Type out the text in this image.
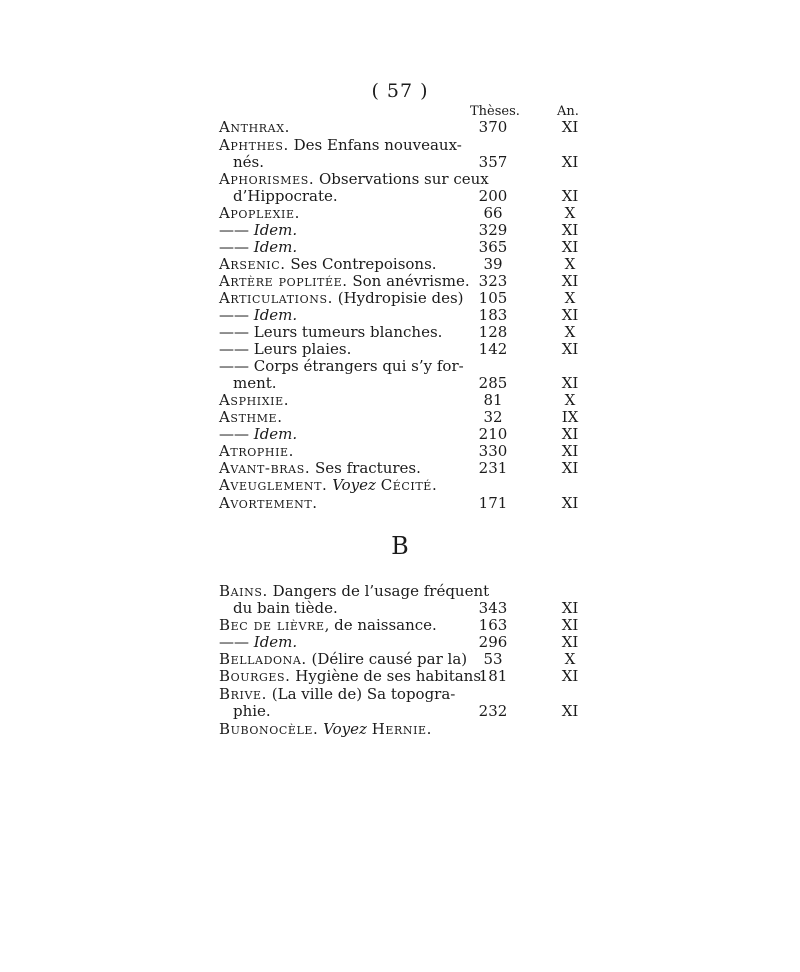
( 57 )
Thèses.	An.
Anthrax.	370	XI
Aphthes. Des Enfans nouveaux-
nés.	357	XI
Aphorismes. Observations sur ceux
d’Hippocrate.	200	XI
Apoplexie.	66	X
—— Idem.	329	XI
—— Idem.	365	XI
Arsenic. Ses Contrepoisons.	39	X
Artère poplitée. Son anévrisme. 323	XI
Articulations. (Hydropisie des)	105	X
—— Idem.	183	XI
—— Leurs tumeurs blanches.	128	X
—— Leurs plaies.	142	XI
—— Corps étrangers qui s’y for-
ment.	285	XI
Asphixie.	81	X
Asthme.	32	IX
—— Idem.	210	XI
Atrophie.	330	XI
Avant-bras. Ses fractures.	231	XI
Aveuglement. Voyez Cécité.
Avortement.	171	XI
B
Bains. Dangers de l’usage fréquent
du bain tiède.	343	XI
Bec de lièvre, de naissance.	163	XI
—— Idem.	296	XI
Belladona. (Délire causé par la)	53	X
Bourges. Hygiène de ses habitans.
181	XI
Brive. (La ville de) Sa topogra-
phie.	232	XI
Bubonocèle. Voyez Hernie.
